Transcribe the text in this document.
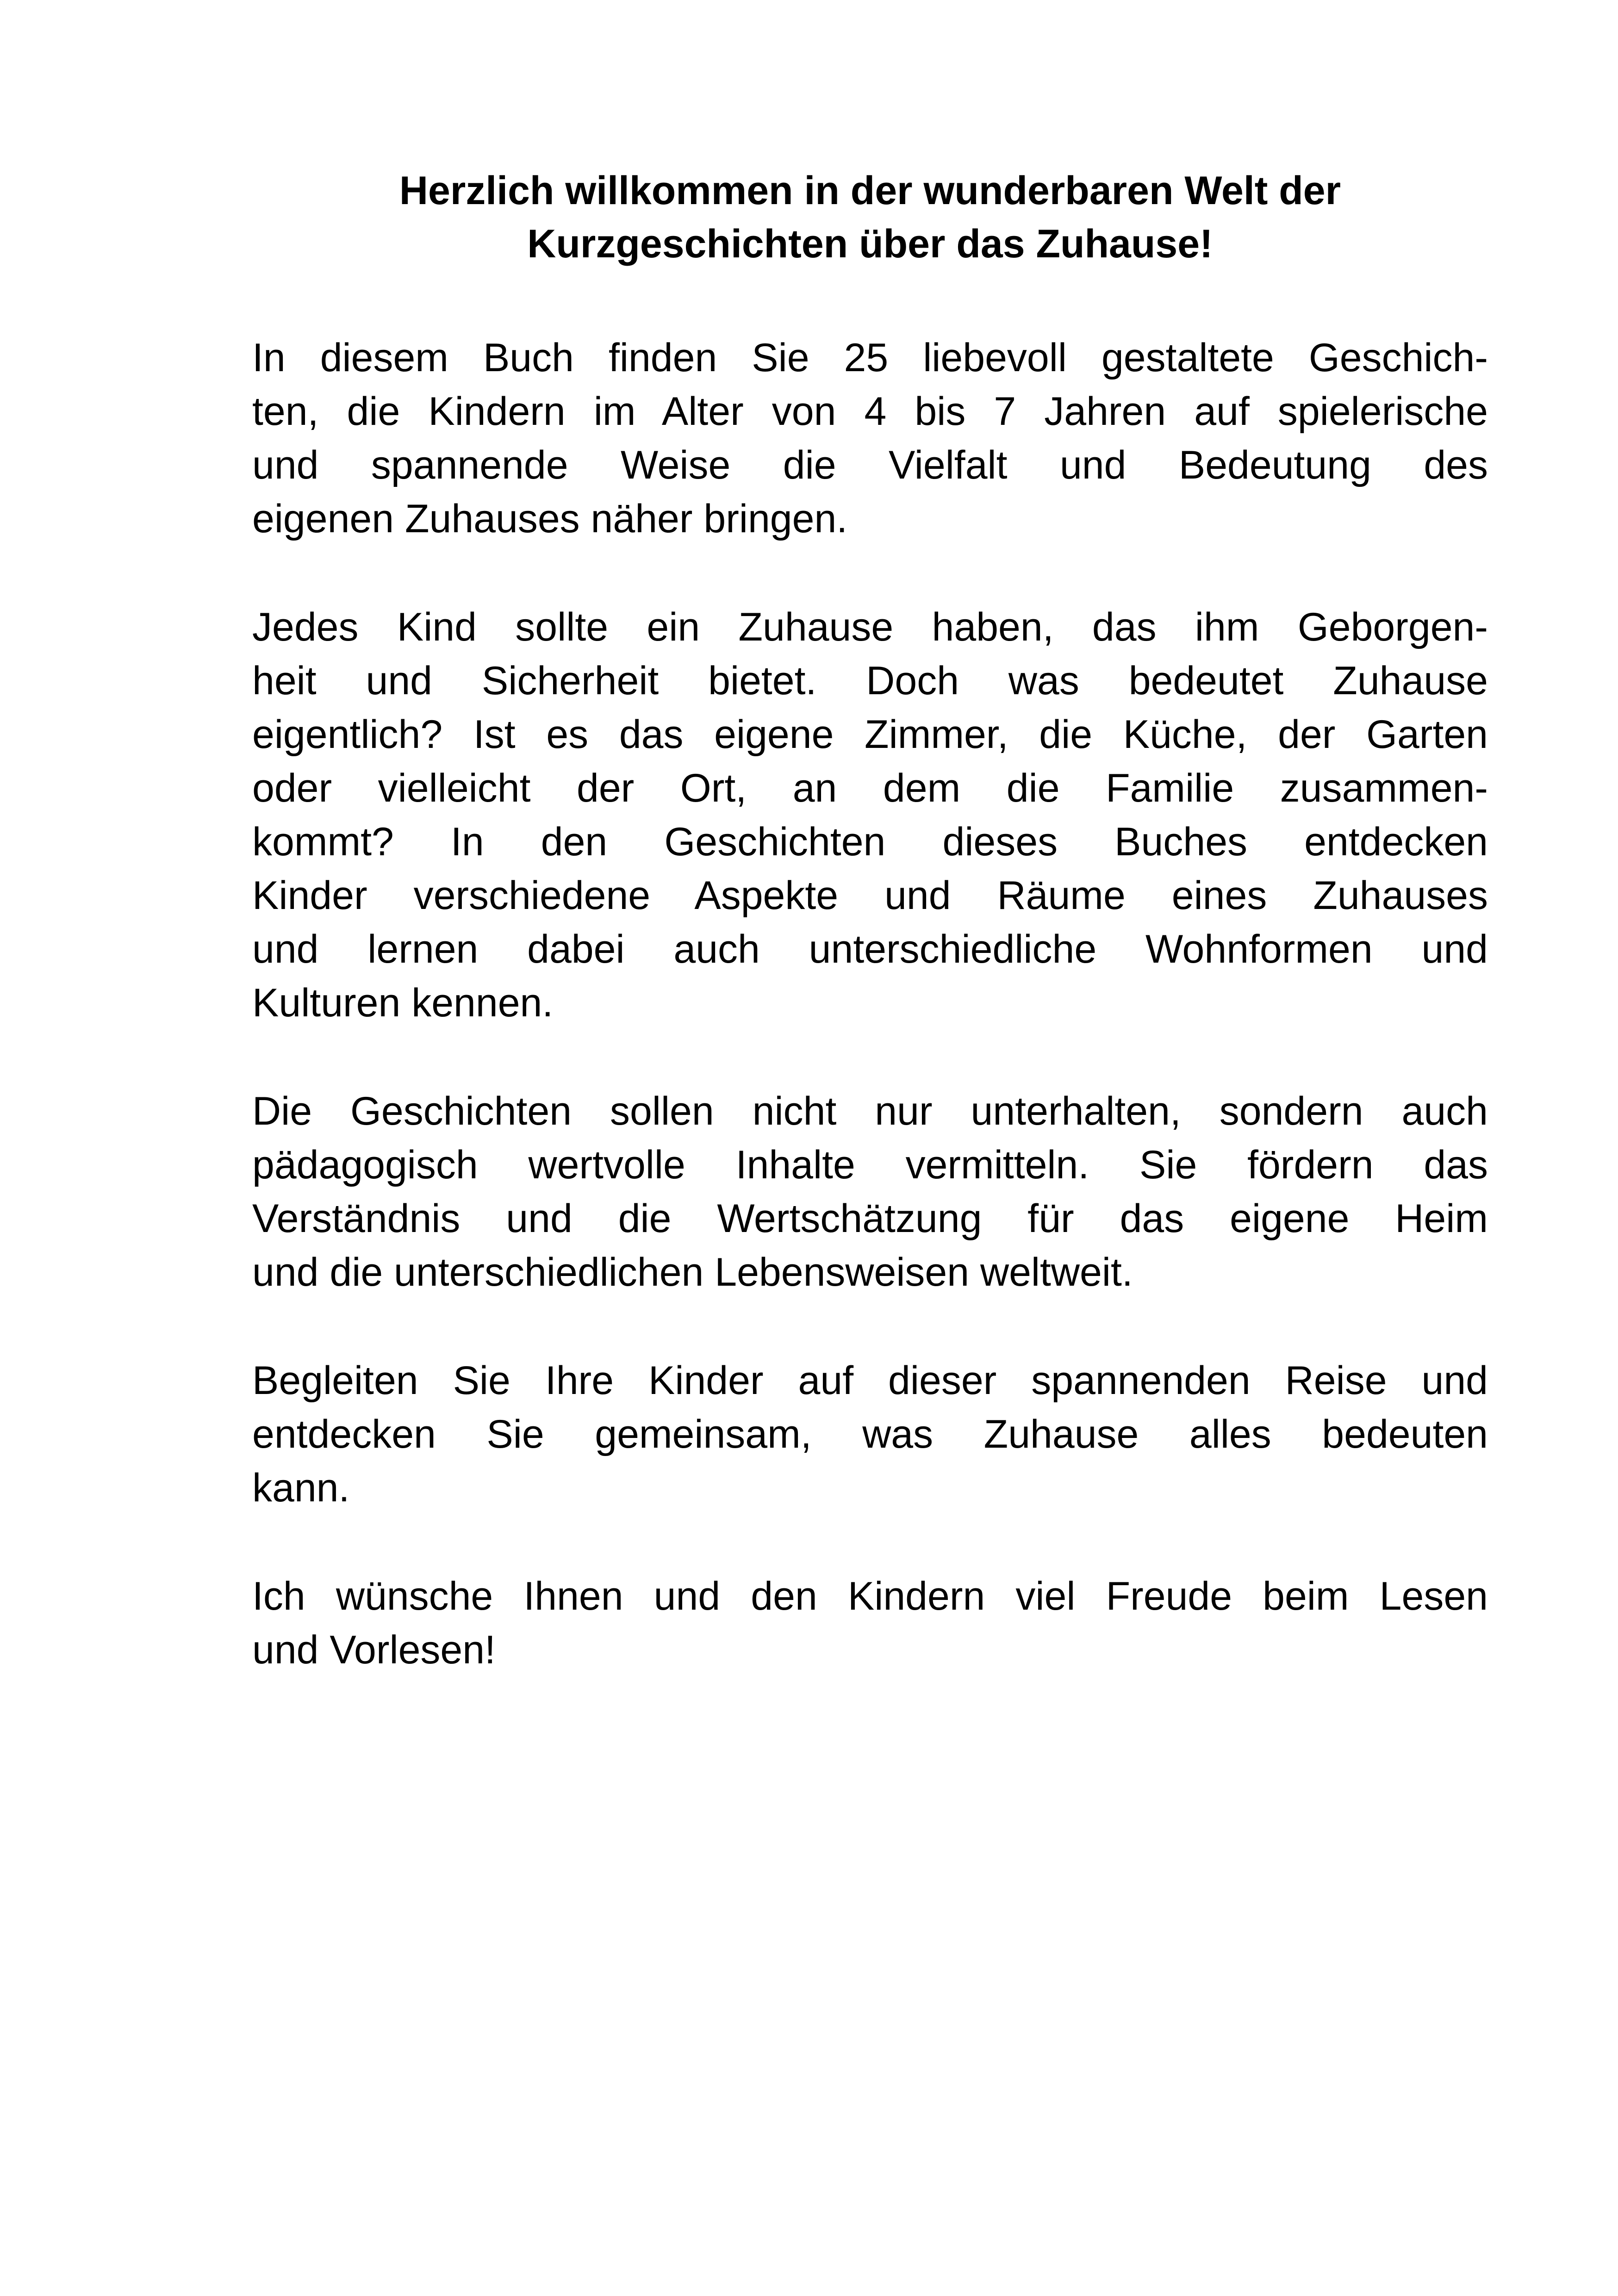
Herzlich willkommen in der wunderbaren Welt der
Kurzgeschichten über das Zuhause!

In diesem Buch finden Sie 25 liebevoll gestaltete Geschich-
ten, die Kindern im Alter von 4 bis 7 Jahren auf spielerische
und spannende Weise die Vielfalt und Bedeutung des
eigenen Zuhauses näher bringen.

Jedes Kind sollte ein Zuhause haben, das ihm Geborgen-
heit und Sicherheit bietet. Doch was bedeutet Zuhause
eigentlich? Ist es das eigene Zimmer, die Küche, der Garten
oder vielleicht der Ort, an dem die Familie zusammen-
kommt? In den Geschichten dieses Buches entdecken
Kinder verschiedene Aspekte und Räume eines Zuhauses
und lernen dabei auch unterschiedliche Wohnformen und
Kulturen kennen.

Die Geschichten sollen nicht nur unterhalten, sondern auch
pädagogisch wertvolle Inhalte vermitteln. Sie fördern das
Verständnis und die Wertschätzung für das eigene Heim
und die unterschiedlichen Lebensweisen weltweit.

Begleiten Sie Ihre Kinder auf dieser spannenden Reise und
entdecken Sie gemeinsam, was Zuhause alles bedeuten
kann.

Ich wünsche Ihnen und den Kindern viel Freude beim Lesen
und Vorlesen!
